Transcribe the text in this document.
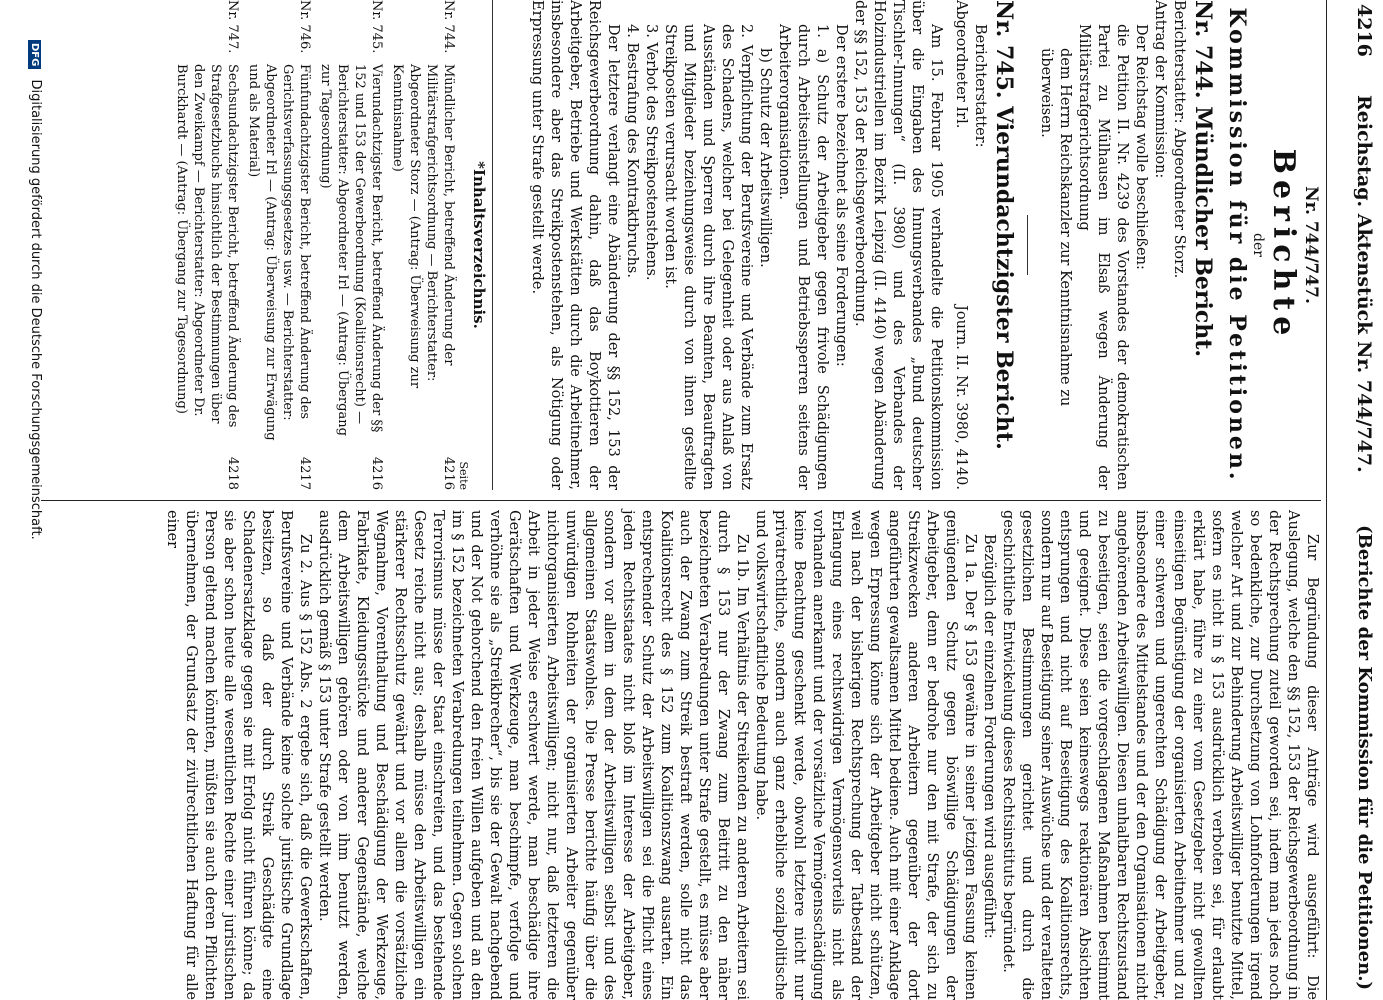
4216
Reichstag. Aktenstück Nr. 744/747.
(Berichte der Kommission für die Petitionen.)
Nr. 744/747.
Berichte
der
Kommission für die Petitionen.
Nr. 744. Mündlicher Bericht.
Berichterstatter: Abgeordneter Storz.
Antrag der Kommission:
Der Reichstag wolle beschließen:
die Petition II. Nr. 4239 des Vorstandes der demokratischen Partei zu Mülhausen im Elsaß wegen Änderung der Militärstrafgerichtsordnung
dem Herrn Reichskanzler zur Kenntnisnahme zu überweisen.
Nr. 745. Vierundachtzigster Bericht.
Berichterstatter:
Abgeordneter Irl.
Journ. II. Nr. 3980, 4140.
Am 15. Februar 1905 verhandelte die Petitionskommission über die Eingaben des Innungsverbandes „Bund deutscher Tischler-Innungen“ (II. 3980) und des Verbandes der Holzindustriellen im Bezirk Leipzig (II. 4140) wegen Abänderung der §§ 152, 153 der Reichsgewerbeordnung.
Der erstere bezeichnet als seine Forderungen:
1. a) Schutz der Arbeitgeber gegen frivole Schädigungen durch Arbeitseinstellungen und Betriebssperren seitens der Arbeiterorganisationen.
b) Schutz der Arbeitswilligen.
2. Verpflichtung der Berufsvereine und Verbände zum Ersatz des Schadens, welcher bei Gelegenheit oder aus Anlaß von Ausständen und Sperren durch ihre Beamten, Beauftragten und Mitglieder beziehungsweise durch von ihnen gestellte Streikposten verursacht worden ist.
3. Verbot des Streikpostenstehens.
4. Bestrafung des Kontraktbruchs.
Der letztere verlangt eine Abänderung der §§ 152, 153 der Reichsgewerbeordnung dahin, daß das Boykottieren der Arbeitgeber, Betriebe und Werkstätten durch die Arbeitnehmer, insbesondere aber das Streikpostenstehen, als Nötigung oder Erpressung unter Strafe gestellt werde.
*Inhaltsverzeichnis.
Seite
Nr. 744.
Mündlicher Bericht, betreffend Änderung der Militärstrafgerichtsordnung — Berichterstatter: Abgeordneter Storz — (Antrag: Überweisung zur Kenntnisnahme)
4216
Nr. 745.
Vierundachtzigster Bericht, betreffend Änderung der §§ 152 und 153 der Gewerbeordnung (Koalitionsrecht) — Berichterstatter: Abgeordneter Irl — (Antrag: Übergang zur Tagesordnung)
4216
Nr. 746.
Fünfundachtzigster Bericht, betreffend Änderung des Gerichtsverfassungsgesetzes usw. — Berichterstatter: Abgeordneter Irl — (Antrag: Überweisung zur Erwägung und als Material)
4217
Nr. 747.
Sechsundachtzigster Bericht, betreffend Änderung des Strafgesetzbuchs hinsichtlich der Bestimmungen über den Zweikampf — Berichterstatter: Abgeordneter Dr. Burckhardt — (Antrag: Übergang zur Tagesordnung)
4218
Zur Begründung dieser Anträge wird ausgeführt: Die Auslegung, welche den §§ 152, 153 der Reichsgewerbeordnung in der Rechtsprechung zuteil geworden sei, indem man jedes noch so bedenkliche, zur Durchsetzung von Lohnforderungen irgend welcher Art und zur Behinderung Arbeitswilliger benutzte Mittel, sofern es nicht in § 153 ausdrücklich verboten sei, für erlaubt erklärt habe, führe zu einer vom Gesetzgeber nicht gewollten einseitigen Begünstigung der organisierten Arbeitnehmer und zu einer schweren und ungerechten Schädigung der Arbeitgeber, insbesondere des Mittelstandes und der den Organisationen nicht angehörenden Arbeitswilligen. Diesen unhaltbaren Rechtszustand zu beseitigen, seien die vorgeschlagenen Maßnahmen bestimmt und geeignet. Diese seien keineswegs reaktionären Absichten entsprungen und nicht auf Beseitigung des Koalitionsrechts, sondern nur auf Beseitigung seiner Auswüchse und der veralteten gesetzlichen Bestimmungen gerichtet und durch die geschichtliche Entwickelung dieses Rechtsinstituts begründet.
Bezüglich der einzelnen Forderungen wird ausgeführt:
Zu 1a. Der § 153 gewähre in seiner jetzigen Fassung keinen genügenden Schutz gegen böswillige Schädigungen der Arbeitgeber, denn er bedrohe nur den mit Strafe, der sich zu Streikzwecken anderen Arbeitern gegenüber der dort angeführten gewaltsamen Mittel bediene. Auch mit einer Anklage wegen Erpressung könne sich der Arbeitgeber nicht schützen, weil nach der bisherigen Rechtsprechung der Tatbestand der Erlangung eines rechtswidrigen Vermögensvorteils nicht als vorhanden anerkannt und der vorsätzliche Vermögensschädigung keine Beachtung geschenkt werde, obwohl letztere nicht nur privatrechtliche, sondern auch ganz erhebliche sozialpolitische und volkswirtschaftliche Bedeutung habe.
Zu 1b. Im Verhältnis der Streikenden zu anderen Arbeitern sei durch § 153 nur der Zwang zum Beitritt zu den näher bezeichneten Verabredungen unter Strafe gestellt, es müsse aber auch der Zwang zum Streik bestraft werden, solle nicht das Koalitionsrecht des § 152 zum Koalitionszwang ausarten. Ein entsprechender Schutz der Arbeitswilligen sei die Pflicht eines jeden Rechtsstaates nicht bloß im Interesse der Arbeitgeber, sondern vor allem in dem der Arbeitswilligen selbst und des allgemeinen Staatswohles. Die Presse berichte häufig über die unwürdigen Rohheiten der organisierten Arbeiter gegenüber nichtorganisierten Arbeitswilligen; nicht nur, daß letzteren die Arbeit in jeder Weise erschwert werde, man beschädige ihre Gerätschaften und Werkzeuge, man beschimpfe, verfolge und verhöhne sie als „Streikbrecher“, bis sie der Gewalt nachgebend und der Not gehorchend den freien Willen aufgeben und an den im § 152 bezeichneten Verabredungen teilnehmen. Gegen solchen Terrorismus müsse der Staat einschreiten, und das bestehende Gesetz reiche nicht aus; deshalb müsse den Arbeitswilligen ein stärkerer Rechtsschutz gewährt und vor allem die vorsätzliche Wegnahme, Vorenthaltung und Beschädigung der Werkzeuge, Fabrikate, Kleidungsstücke und anderer Gegenstände, welche dem Arbeitswilligen gehören oder von ihm benutzt werden, ausdrücklich gemäß § 153 unter Strafe gestellt werden.
Zu 2. Aus § 152 Abs. 2 ergebe sich, daß die Gewerkschaften, Berufsvereine und Verbände keine solche juristische Grundlage besitzen, so daß der durch Streik Geschädigte eine Schadenersatzklage gegen sie mit Erfolg nicht führen könne; da sie aber schon heute alle wesentlichen Rechte einer juristischen Person geltend machen könnten, müßten sie auch deren Pflichten übernehmen, der Grundsatz der zivilrechtlichen Haftung für alle einer
DFG Digitalisierung gefördert durch die Deutsche Forschungsgemeinschaft.
